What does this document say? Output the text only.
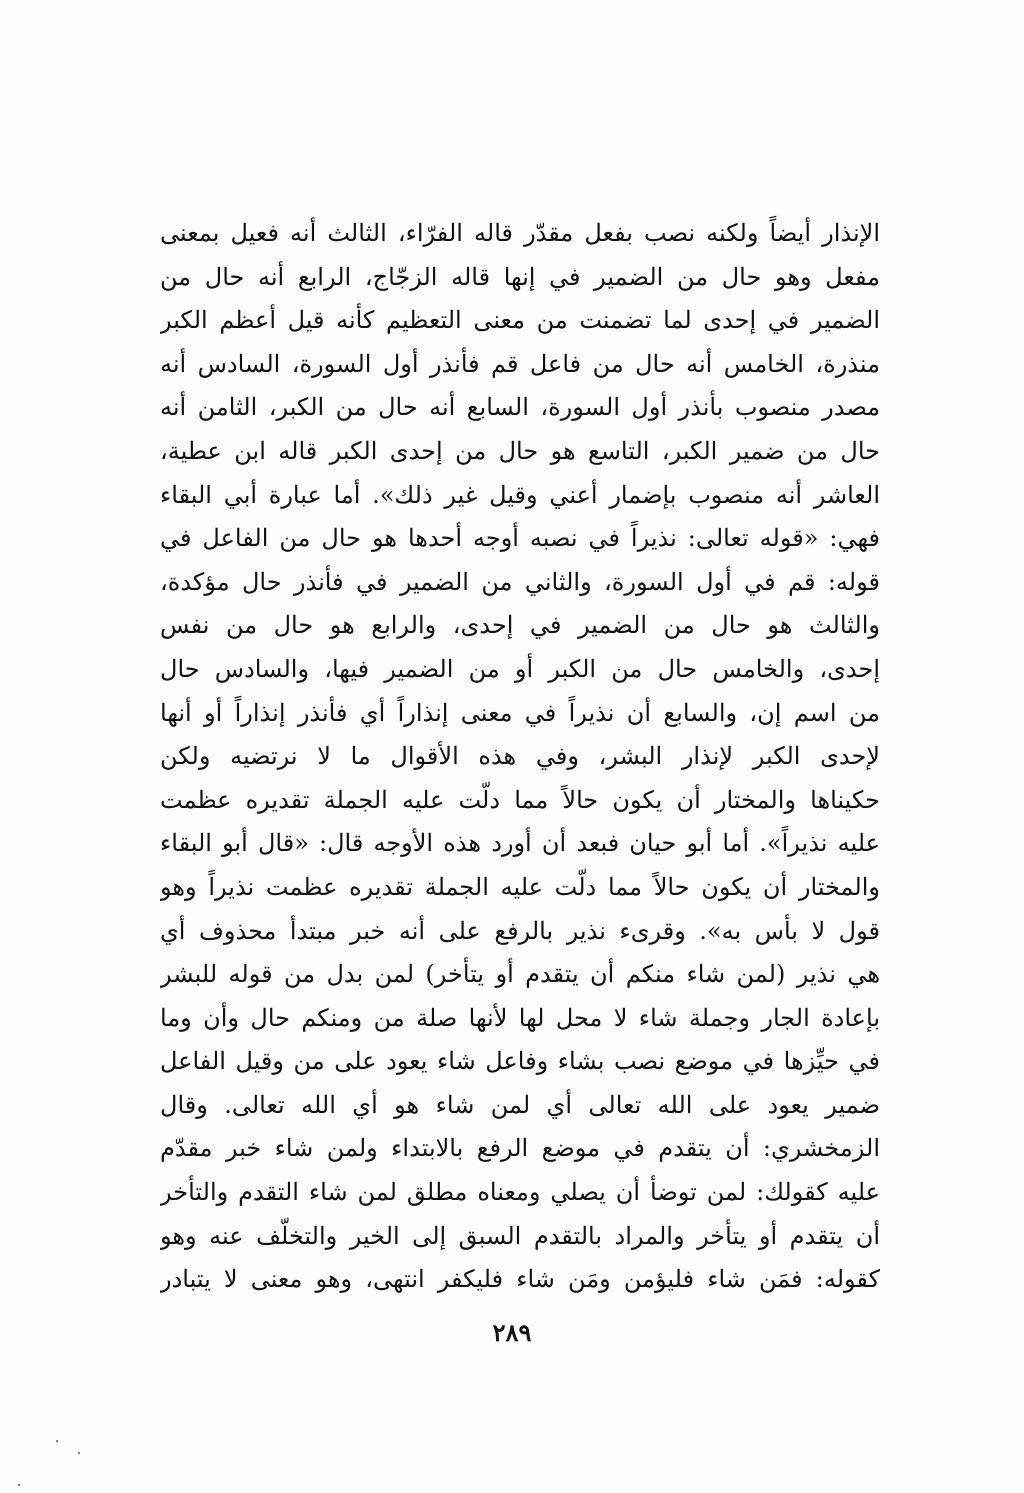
الإنذار أيضاً ولكنه نصب بفعل مقدّر قاله الفرّاء، الثالث أنه فعيل بمعنى
مفعل وهو حال من الضمير في إنها قاله الزجّاج، الرابع أنه حال من
الضمير في إحدى لما تضمنت من معنى التعظيم كأنه قيل أعظم الكبر
منذرة، الخامس أنه حال من فاعل قم فأنذر أول السورة، السادس أنه
مصدر منصوب بأنذر أول السورة، السابع أنه حال من الكبر، الثامن أنه
حال من ضمير الكبر، التاسع هو حال من إحدى الكبر قاله ابن عطية،
العاشر أنه منصوب بإضمار أعني وقيل غير ذلك». أما عبارة أبي البقاء
فهي: «قوله تعالى: نذيراً في نصبه أوجه أحدها هو حال من الفاعل في
قوله: قم في أول السورة، والثاني من الضمير في فأنذر حال مؤكدة،
والثالث هو حال من الضمير في إحدى، والرابع هو حال من نفس
إحدى، والخامس حال من الكبر أو من الضمير فيها، والسادس حال
من اسم إن، والسابع أن نذيراً في معنى إنذاراً أي فأنذر إنذاراً أو أنها
لإحدى الكبر لإنذار البشر، وفي هذه الأقوال ما لا نرتضيه ولكن
حكيناها والمختار أن يكون حالاً مما دلّت عليه الجملة تقديره عظمت
عليه نذيراً». أما أبو حيان فبعد أن أورد هذه الأوجه قال: «قال أبو البقاء
والمختار أن يكون حالاً مما دلّت عليه الجملة تقديره عظمت نذيراً وهو
قول لا بأس به». وقرىء نذير بالرفع على أنه خبر مبتدأ محذوف أي
هي نذير (لمن شاء منكم أن يتقدم أو يتأخر) لمن بدل من قوله للبشر
بإعادة الجار وجملة شاء لا محل لها لأنها صلة من ومنكم حال وأن وما
في حيِّزها في موضع نصب بشاء وفاعل شاء يعود على من وقيل الفاعل
ضمير يعود على الله تعالى أي لمن شاء هو أي الله تعالى. وقال
الزمخشري: أن يتقدم في موضع الرفع بالابتداء ولمن شاء خبر مقدّم
عليه كقولك: لمن توضأ أن يصلي ومعناه مطلق لمن شاء التقدم والتأخر
أن يتقدم أو يتأخر والمراد بالتقدم السبق إلى الخير والتخلّف عنه وهو
كقوله: فمَن شاء فليؤمن ومَن شاء فليكفر انتهى، وهو معنى لا يتبادر
٢٨٩
